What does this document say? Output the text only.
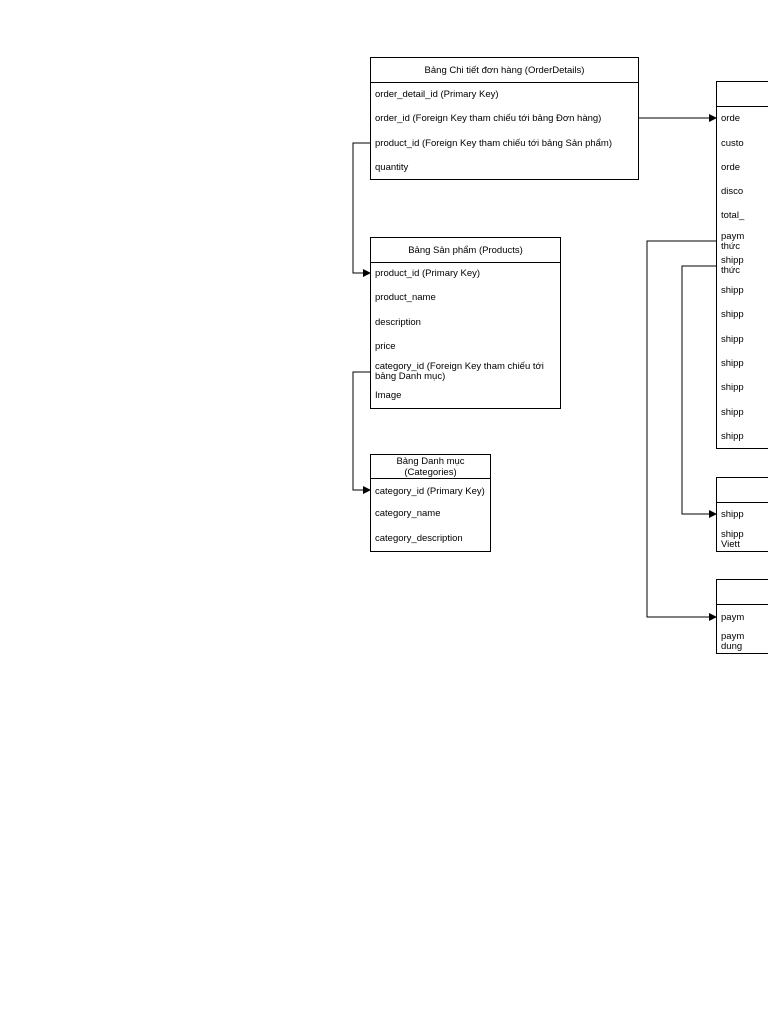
Bảng Chi tiết đơn hàng (OrderDetails)
order_detail_id (Primary Key)
order_id (Foreign Key tham chiếu tới bảng Đơn hàng)
product_id (Foreign Key tham chiếu tới bảng Sản phẩm)
quantity
Bảng Sản phẩm (Products)
product_id (Primary Key)
product_name
description
price
category_id (Foreign Key tham chiếu tới bảng Danh mục)
Image
Bảng Danh mục (Categories)
category_id (Primary Key)
category_name
category_description
orde
custo
orde
disco
total_
paym thức
shipp thức
shipp
shipp
shipp
shipp
shipp
shipp
shipp
shipp
shipp Viett
paym
paym dung
